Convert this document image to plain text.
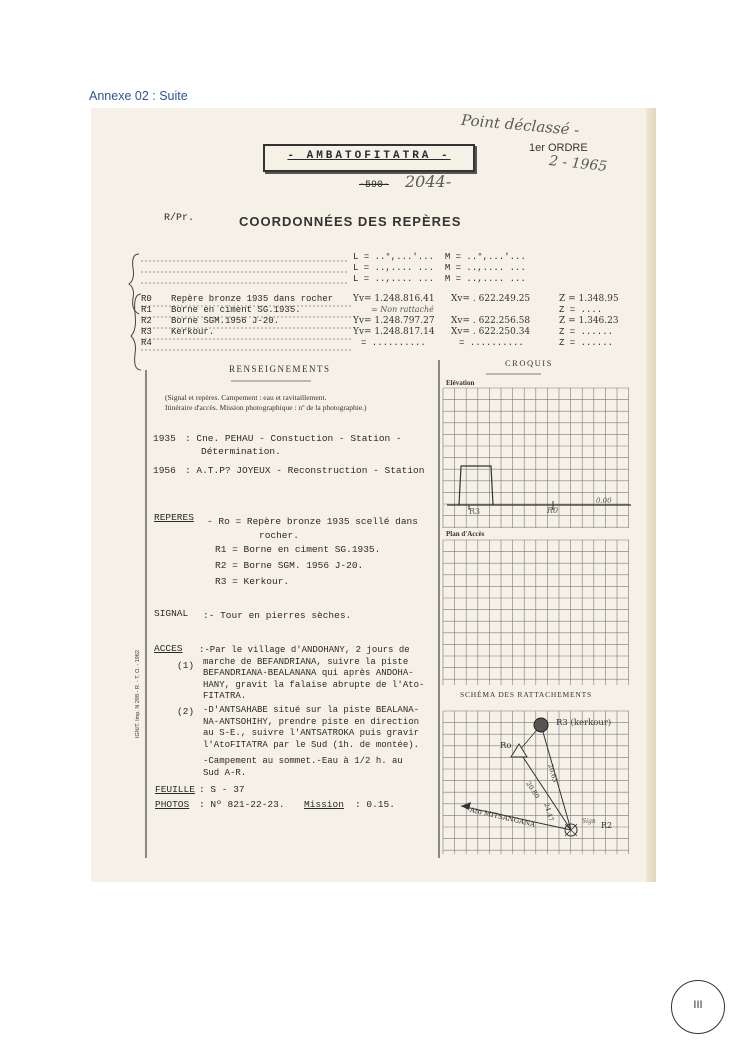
Annexe 02 : Suite
Point déclassé -
1er ORDRE
2 - 1965
- AMBATOFITATRA -
-590- 2044-
R/Pr.	COORDONNÉES DES REPÈRES
L = ..°,...'... M = ..°,...'...
L = ..,.... ... M = ..,.... ...
L = ..,.... ... M = ..,.... ...
R0 Repère bronze 1935 dans rocher Yv= 1.248.816.41 Xv= . 622.249.25	Z = 1.348.95
R1 Borne en ciment SG.1935.	= Non rattaché	Z = ....
R2 Borne SGM.1956 J-20.	Yv= 1.248.797.27 Xv= . 622.256.58	Z = 1.346.23
R3 Kerkour.	Yv= 1.248.817.14 Xv= . 622.250.34	Z = ......
R4	= ..........	= ..........	Z = ......
RENSEIGNEMENTS
(Signal et repères. Campement : eau et ravitaillement.
Itinéraire d'accès. Mission photographique : nº de la photographie.)
1935 : Cne. PEHAU - Constuction - Station -
Détermination.
1956 : A.T.P? JOYEUX - Reconstruction - Station
REPERES - Ro = Repère bronze 1935 scellé dans
rocher.
R1 = Borne en ciment SG.1935.
R2 = Borne SGM. 1956 J-20.
R3 = Kerkour.
SIGNAL :- Tour en pierres sèches.
ACCES
(1)
:-Par le village d'ANDOHANY, 2 jours de
marche de BEFANDRIANA, suivre la piste
BEFANDRIANA-BEALANANA qui après ANDOHA-
HANY, gravit la falaise abrupte de l'Ato-
FITATRA.
(2) -D'ANTSAHABE situé sur la piste BEALANA-
NA-ANTSOHIHY, prendre piste en direction
au S-E., suivre l'ANTSATROKA puis gravir
l'AtoFITATRA par le Sud (1h. de montée).
-Campement au sommet.-Eau à 1/2 h. au
Sud A-R.
FEUILLE : S - 37
PHOTOS : Nº 821-22-23. Mission : 0.15.
IGN/T. Imp. N 298 - R. - T. O. - 1962
CROQUIS
Elévation
Plan d'Accès
SCHÉMA DES RATTACHEMENTS
R3	R0
0.00
R3 (kerkour)
Ro
Sign R2
Ato MITSANGANA
20.80
20.63
24.47
III
